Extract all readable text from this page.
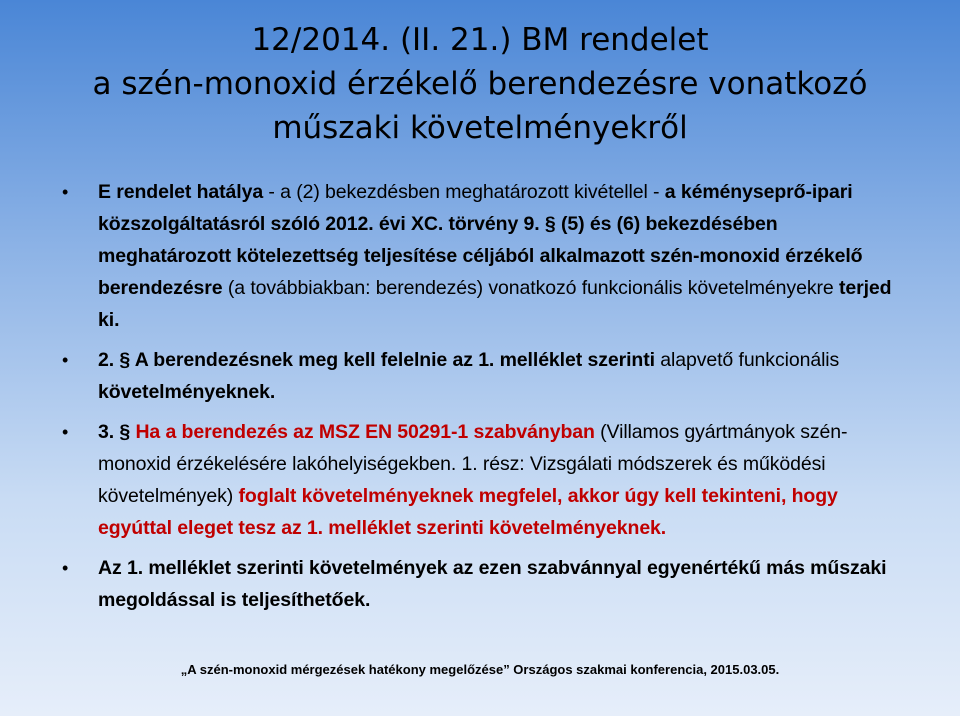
12/2014. (II. 21.) BM rendelet
a szén-monoxid érzékelő berendezésre vonatkozó
műszaki követelményekről
•	E rendelet hatálya - a (2) bekezdésben meghatározott kivétellel - a kéményseprő-ipari közszolgáltatásról szóló 2012. évi XC. törvény 9. § (5) és (6) bekezdésében meghatározott kötelezettség teljesítése céljából alkalmazott szén-monoxid érzékelő berendezésre (a továbbiakban: berendezés) vonatkozó funkcionális követelményekre terjed ki.
•	2. § A berendezésnek meg kell felelnie az 1. melléklet szerinti alapvető funkcionális követelményeknek.
•	3. § Ha a berendezés az MSZ EN 50291-1 szabványban (Villamos gyártmányok szén-monoxid érzékelésére lakóhelyiségekben. 1. rész: Vizsgálati módszerek és működési követelmények) foglalt követelményeknek megfelel, akkor úgy kell tekinteni, hogy egyúttal eleget tesz az 1. melléklet szerinti követelményeknek.
•	Az 1. melléklet szerinti követelmények az ezen szabvánnyal egyenértékű más műszaki megoldással is teljesíthetőek.
„A szén-monoxid mérgezések hatékony megelőzése” Országos szakmai konferencia, 2015.03.05.
